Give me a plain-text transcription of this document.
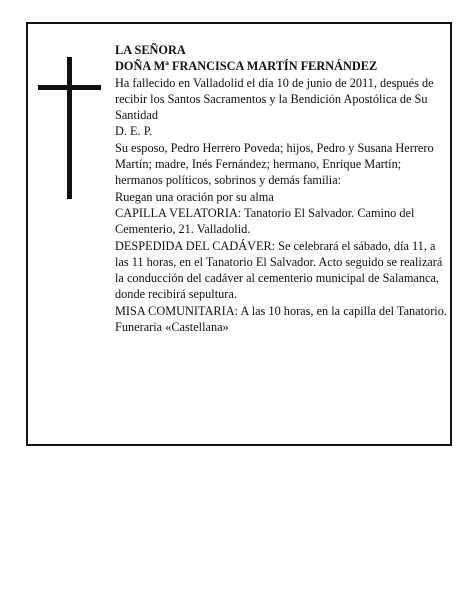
LA SEÑORA

DOÑA Mª FRANCISCA MARTÍN FERNÁNDEZ

Ha fallecido en Valladolid el día 10 de junio de 2011, después de recibir los Santos Sacramentos y la Bendición Apostólica de Su Santidad

D. E. P.

Su esposo, Pedro Herrero Poveda; hijos, Pedro y Susana Herrero Martín; madre, Inés Fernández; hermano, Enrique Martín; hermanos políticos, sobrinos y demás familia:

Ruegan una oración por su alma

CAPILLA VELATORIA: Tanatorio El Salvador. Camino del Cementerio, 21. Valladolid.

DESPEDIDA DEL CADÁVER: Se celebrará el sábado, día 11, a las 11 horas, en el Tanatorio El Salvador. Acto seguido se realizará la conducción del cadáver al cementerio municipal de Salamanca, donde recibirá sepultura.

MISA COMUNITARIA: A las 10 horas, en la capilla del Tanatorio.

Funeraria «Castellana»
